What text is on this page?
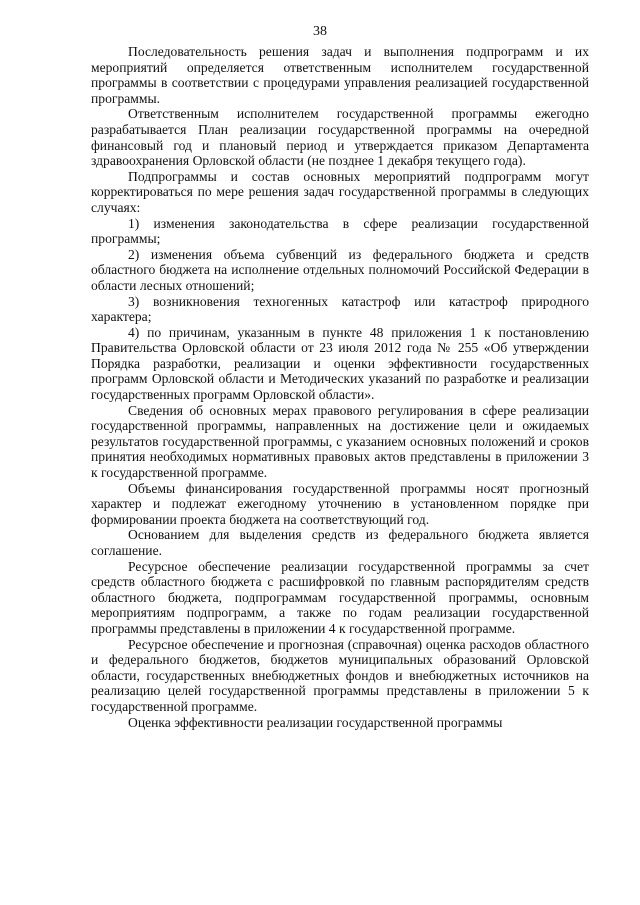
38

Последовательность решения задач и выполнения подпрограмм и их мероприятий определяется ответственным исполнителем государственной программы в соответствии с процедурами управления реализацией государственной программы.

Ответственным исполнителем государственной программы ежегодно разрабатывается План реализации государственной программы на очередной финансовый год и плановый период и утверждается приказом Департамента здравоохранения Орловской области (не позднее 1 декабря текущего года).

Подпрограммы и состав основных мероприятий подпрограмм могут корректироваться по мере решения задач государственной программы в следующих случаях:

1) изменения законодательства в сфере реализации государственной программы;

2) изменения объема субвенций из федерального бюджета и средств областного бюджета на исполнение отдельных полномочий Российской Федерации в области лесных отношений;

3) возникновения техногенных катастроф или катастроф природного характера;

4) по причинам, указанным в пункте 48 приложения 1 к постановлению Правительства Орловской области от 23 июля 2012 года № 255 «Об утверждении Порядка разработки, реализации и оценки эффективности государственных программ Орловской области и Методических указаний по разработке и реализации государственных программ Орловской области».

Сведения об основных мерах правового регулирования в сфере реализации государственной программы, направленных на достижение цели и ожидаемых результатов государственной программы, с указанием основных положений и сроков принятия необходимых нормативных правовых актов представлены в приложении 3 к государственной программе.

Объемы финансирования государственной программы носят прогнозный характер и подлежат ежегодному уточнению в установленном порядке при формировании проекта бюджета на соответствующий год.

Основанием для выделения средств из федерального бюджета является соглашение.

Ресурсное обеспечение реализации государственной программы за счет средств областного бюджета с расшифровкой по главным распорядителям средств областного бюджета, подпрограммам государственной программы, основным мероприятиям подпрограмм, а также по годам реализации государственной программы представлены в приложении 4 к государственной программе.

Ресурсное обеспечение и прогнозная (справочная) оценка расходов областного и федерального бюджетов, бюджетов муниципальных образований Орловской области, государственных внебюджетных фондов и внебюджетных источников на реализацию целей государственной программы представлены в приложении 5 к государственной программе.

Оценка эффективности реализации государственной программы
